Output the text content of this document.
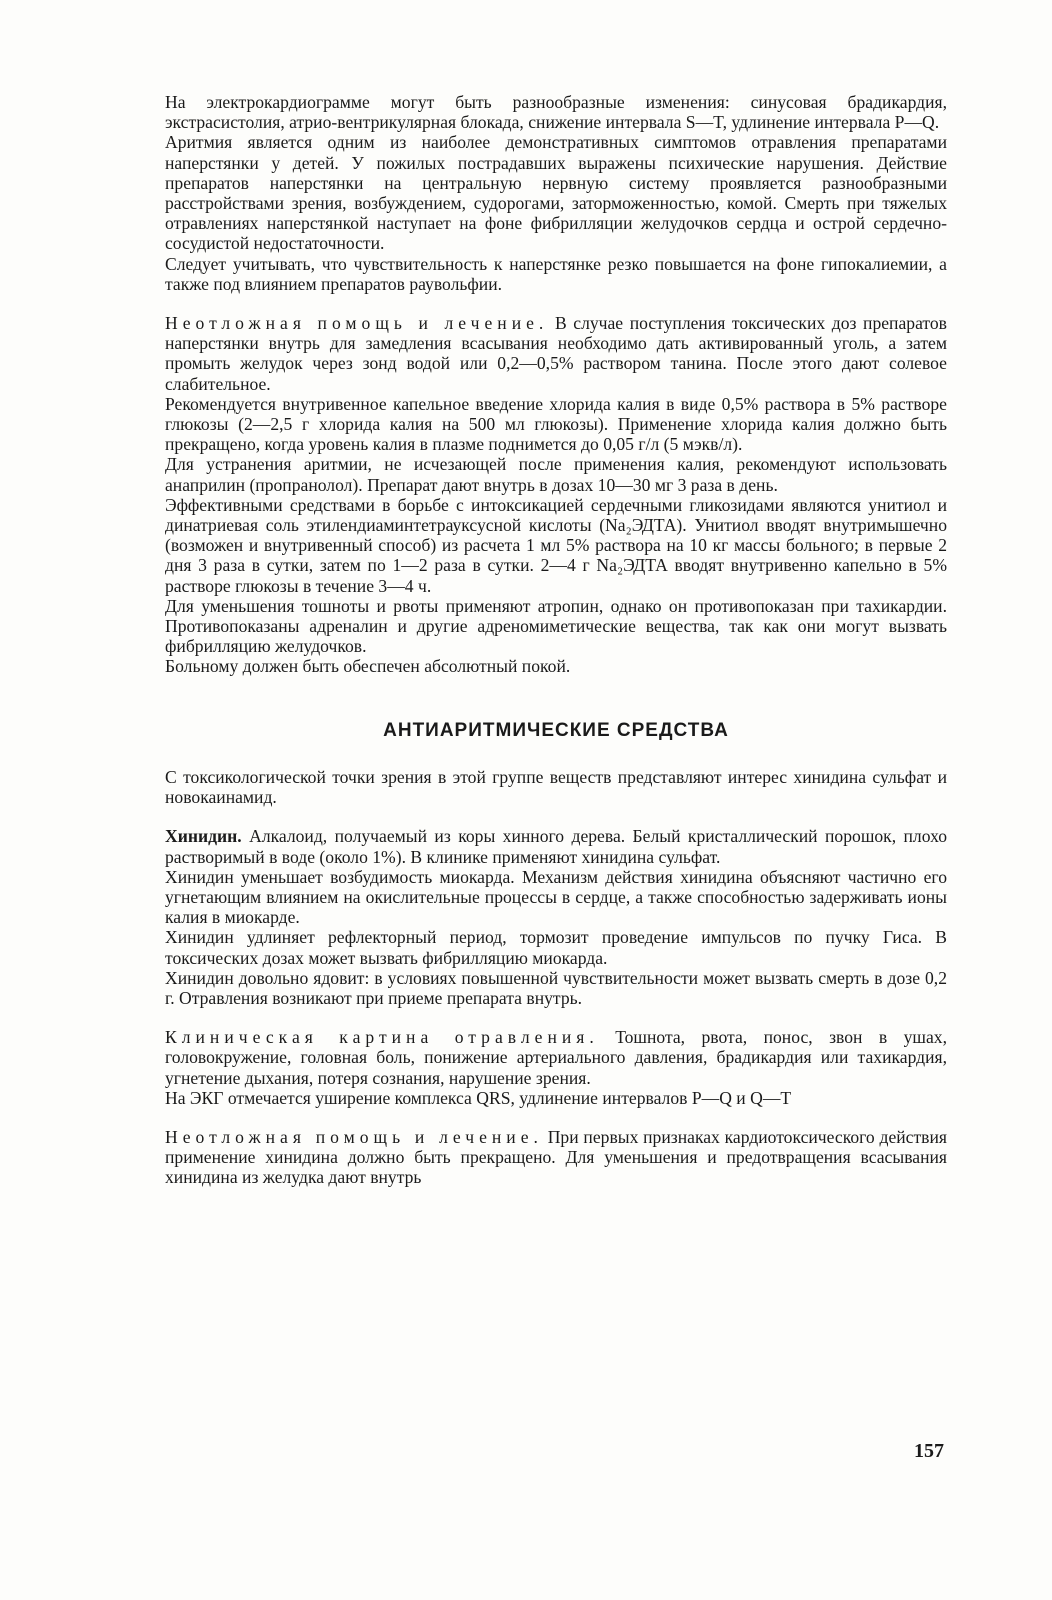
На электрокардиограмме могут быть разнообразные изменения: синусовая брадикардия, экстрасистолия, атрио-вентрикулярная блокада, снижение интервала S—T, удлинение интервала P—Q.

Аритмия является одним из наиболее демонстративных симптомов отравления препаратами наперстянки у детей. У пожилых пострадавших выражены психические нарушения. Действие препаратов наперстянки на центральную нервную систему проявляется разнообразными расстройствами зрения, возбуждением, судорогами, заторможенностью, комой. Смерть при тяжелых отравлениях наперстянкой наступает на фоне фибрилляции желудочков сердца и острой сердечно-сосудистой недостаточности.

Следует учитывать, что чувствительность к наперстянке резко повышается на фоне гипокалиемии, а также под влиянием препаратов раувольфии.

Неотложная помощь и лечение. В случае поступления токсических доз препаратов наперстянки внутрь для замедления всасывания необходимо дать активированный уголь, а затем промыть желудок через зонд водой или 0,2—0,5% раствором танина. После этого дают солевое слабительное.

Рекомендуется внутривенное капельное введение хлорида калия в виде 0,5% раствора в 5% растворе глюкозы (2—2,5 г хлорида калия на 500 мл глюкозы). Применение хлорида калия должно быть прекращено, когда уровень калия в плазме поднимется до 0,05 г/л (5 мэкв/л).

Для устранения аритмии, не исчезающей после применения калия, рекомендуют использовать анаприлин (пропранолол). Препарат дают внутрь в дозах 10—30 мг 3 раза в день.

Эффективными средствами в борьбе с интоксикацией сердечными гликозидами являются унитиол и динатриевая соль этилендиаминтетрауксусной кислоты (Na₂ЭДТА). Унитиол вводят внутримышечно (возможен и внутривенный способ) из расчета 1 мл 5% раствора на 10 кг массы больного; в первые 2 дня 3 раза в сутки, затем по 1—2 раза в сутки. 2—4 г Na₂ЭДТА вводят внутривенно капельно в 5% растворе глюкозы в течение 3—4 ч.

Для уменьшения тошноты и рвоты применяют атропин, однако он противопоказан при тахикардии. Противопоказаны адреналин и другие адреномиметические вещества, так как они могут вызвать фибрилляцию желудочков.

Больному должен быть обеспечен абсолютный покой.

АНТИАРИТМИЧЕСКИЕ СРЕДСТВА

С токсикологической точки зрения в этой группе веществ представляют интерес хинидина сульфат и новокаинамид.

Хинидин. Алкалоид, получаемый из коры хинного дерева. Белый кристаллический порошок, плохо растворимый в воде (около 1%). В клинике применяют хинидина сульфат.

Хинидин уменьшает возбудимость миокарда. Механизм действия хинидина объясняют частично его угнетающим влиянием на окислительные процессы в сердце, а также способностью задерживать ионы калия в миокарде.

Хинидин удлиняет рефлекторный период, тормозит проведение импульсов по пучку Гиса. В токсических дозах может вызвать фибрилляцию миокарда.

Хинидин довольно ядовит: в условиях повышенной чувствительности может вызвать смерть в дозе 0,2 г. Отравления возникают при приеме препарата внутрь.

Клиническая картина отравления. Тошнота, рвота, понос, звон в ушах, головокружение, головная боль, понижение артериального давления, брадикардия или тахикардия, угнетение дыхания, потеря сознания, нарушение зрения.

На ЭКГ отмечается уширение комплекса QRS, удлинение интервалов P—Q и Q—T

Неотложная помощь и лечение. При первых признаках кардиотоксического действия применение хинидина должно быть прекращено. Для уменьшения и предотвращения всасывания хинидина из желудка дают внутрь

157
